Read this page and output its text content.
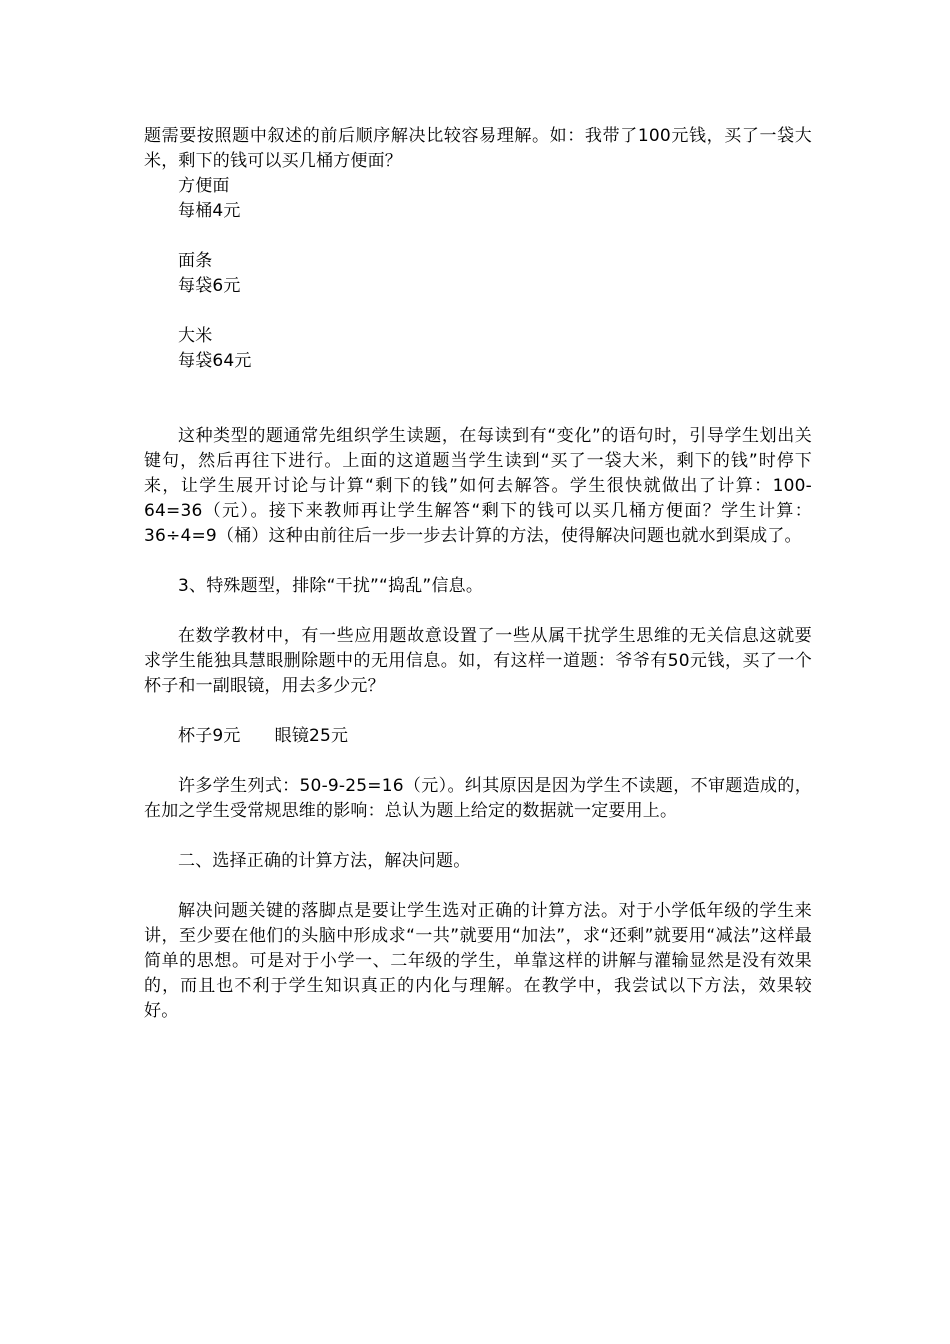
题需要按照题中叙述的前后顺序解决比较容易理解。如：我带了100元钱，买了一袋大米，剩下的钱可以买几桶方便面？

方便面

每桶4元

面条

每袋6元

大米

每袋64元

这种类型的题通常先组织学生读题，在每读到有“变化”的语句时，引导学生划出关键句，然后再往下进行。上面的这道题当学生读到“买了一袋大米，剩下的钱”时停下来，让学生展开讨论与计算“剩下的钱”如何去解答。学生很快就做出了计算：100-64=36（元）。接下来教师再让学生解答“剩下的钱可以买几桶方便面？学生计算：36÷4=9（桶）这种由前往后一步一步去计算的方法，使得解决问题也就水到渠成了。

3、特殊题型，排除“干扰”“捣乱”信息。

在数学教材中，有一些应用题故意设置了一些从属干扰学生思维的无关信息这就要求学生能独具慧眼删除题中的无用信息。如，有这样一道题：爷爷有50元钱，买了一个杯子和一副眼镜，用去多少元？

杯子9元 眼镜25元

许多学生列式：50-9-25=16（元）。纠其原因是因为学生不读题，不审题造成的，在加之学生受常规思维的影响：总认为题上给定的数据就一定要用上。

二、选择正确的计算方法，解决问题。

解决问题关键的落脚点是要让学生选对正确的计算方法。对于小学低年级的学生来讲，至少要在他们的头脑中形成求“一共”就要用“加法”，求“还剩”就要用“减法”这样最简单的思想。可是对于小学一、二年级的学生，单靠这样的讲解与灌输显然是没有效果的，而且也不利于学生知识真正的内化与理解。在教学中，我尝试以下方法，效果较好。
